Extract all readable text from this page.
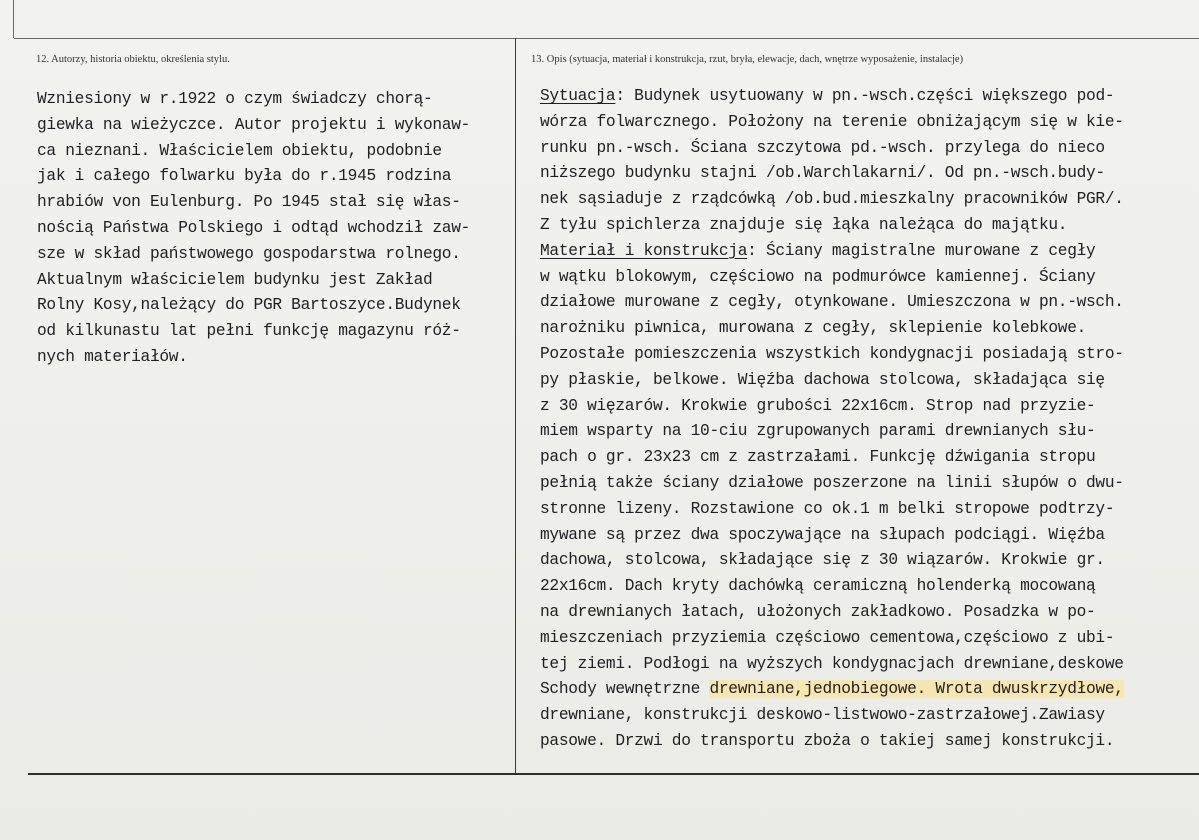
12. Autorzy, historia obiektu, określenia stylu.	13. Opis (sytuacja, materiał i konstrukcja, rzut, bryła, elewacje, dach, wnętrze wyposażenie, instalacje)
Wzniesiony w r.1922 o czym świadczy chorą-
giewka na wieżyczce. Autor projektu i wykonaw-
ca nieznani. Właścicielem obiektu, podobnie
jak i całego folwarku była do r.1945 rodzina
hrabiów von Eulenburg. Po 1945 stał się włas-
nością Państwa Polskiego i odtąd wchodził zaw-
sze w skład państwowego gospodarstwa rolnego.
Aktualnym właścicielem budynku jest Zakład
Rolny Kosy,należący do PGR Bartoszyce.Budynek
od kilkunastu lat pełni funkcję magazynu róż-
nych materiałów.
Sytuacja: Budynek usytuowany w pn.-wsch.części większego pod-
wórza folwarcznego. Położony na terenie obniżającym się w kie-
runku pn.-wsch. Ściana szczytowa pd.-wsch. przylega do nieco
niższego budynku stajni /ob.Warchlakarni/. Od pn.-wsch.budy-
nek sąsiaduje z rządcówką /ob.bud.mieszkalny pracowników PGR/.
Z tyłu spichlerza znajduje się łąka należąca do majątku.
Materiał i konstrukcja: Ściany magistralne murowane z cegły
w wątku blokowym, częściowo na podmurówce kamiennej. Ściany
działowe murowane z cegły, otynkowane. Umieszczona w pn.-wsch.
narożniku piwnica, murowana z cegły, sklepienie kolebkowe.
Pozostałe pomieszczenia wszystkich kondygnacji posiadają stro-
py płaskie, belkowe. Więźba dachowa stolcowa, składająca się
z 30 więzarów. Krokwie grubości 22x16cm. Strop nad przyzie-
miem wsparty na 10-ciu zgrupowanych parami drewnianych słu-
pach o gr. 23x23 cm z zastrzałami. Funkcję dźwigania stropu
pełnią także ściany działowe poszerzone na linii słupów o dwu-
stronne lizeny. Rozstawione co ok.1 m belki stropowe podtrzy-
mywane są przez dwa spoczywające na słupach podciągi. Więźba
dachowa, stolcowa, składające się z 30 wiązarów. Krokwie gr.
22x16cm. Dach kryty dachówką ceramiczną holenderką mocowaną
na drewnianych łatach, ułożonych zakładkowo. Posadzka w po-
mieszczeniach przyziemia częściowo cementowa,częściowo z ubi-
tej ziemi. Podłogi na wyższych kondygnacjach drewniane,deskowe
Schody wewnętrzne drewniane,jednobiegowe. Wrota dwuskrzydłowe,
drewniane, konstrukcji deskowo-listwowo-zastrzałowej.Zawiasy
pasowe. Drzwi do transportu zboża o takiej samej konstrukcji.
